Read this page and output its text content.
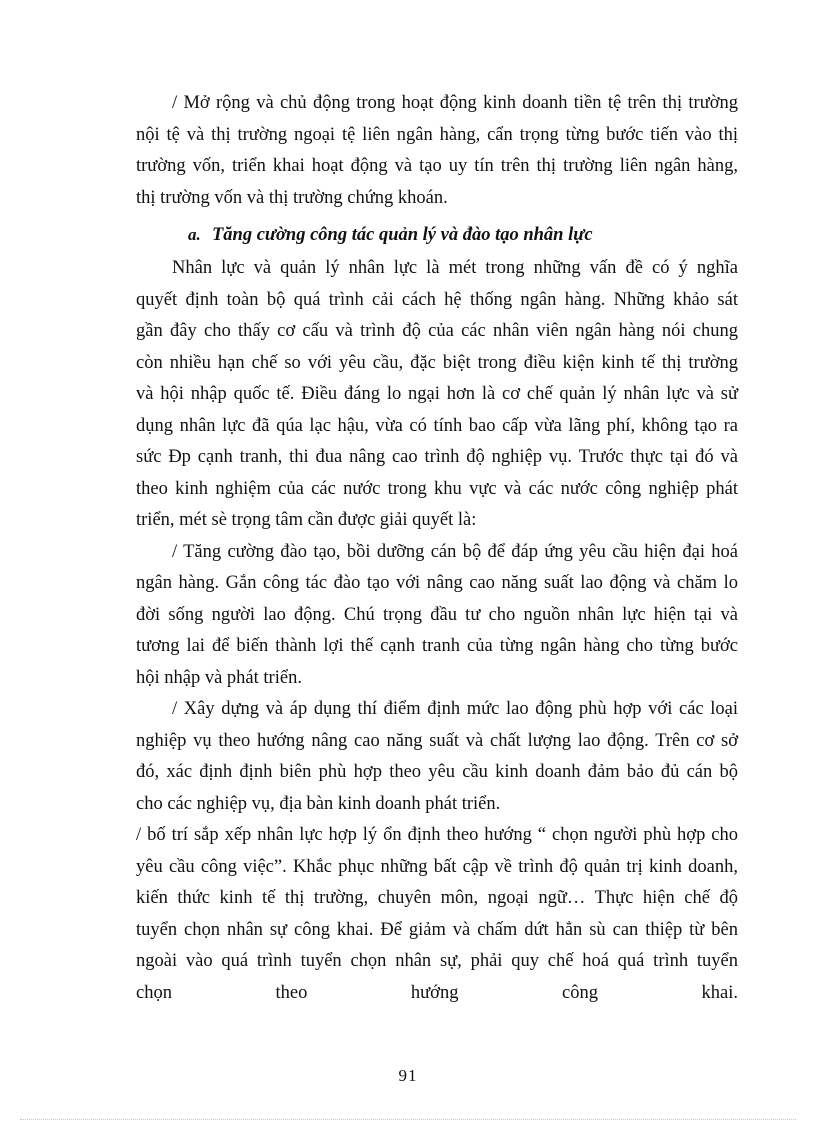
/ Mở rộng và chủ động trong hoạt động kinh doanh tiền tệ trên thị trường
nội tệ và thị trường ngoại tệ liên ngân hàng, cẩn trọng từng bước tiến vào thị
trường vốn, triển khai hoạt động và tạo uy tín trên thị trường liên ngân hàng,
thị trường vốn và thị trường chứng khoán.
a. Tăng cường công tác quản lý và đào tạo nhân lực
Nhân lực và quản lý nhân lực là mét trong những vấn đề có ý nghĩa
quyết định toàn bộ quá trình cải cách hệ thống ngân hàng. Những khảo sát
gần đây cho thấy cơ cấu và trình độ của các nhân viên ngân hàng nói chung
còn nhiều hạn chế so với yêu cầu, đặc biệt trong điều kiện kinh tế thị trường
và hội nhập quốc tế. Điều đáng lo ngại hơn là cơ chế quản lý nhân lực và sử
dụng nhân lực đã qúa lạc hậu, vừa có tính bao cấp vừa lãng phí, không tạo ra
sức Ðp cạnh tranh, thi đua nâng cao trình độ nghiệp vụ. Trước thực tại đó và
theo kinh nghiệm của các nước trong khu vực và các nước công nghiệp phát
triển, mét sè trọng tâm cần được giải quyết là:
/ Tăng cường đào tạo, bồi dưỡng cán bộ để đáp ứng yêu cầu hiện đại hoá
ngân hàng. Gắn công tác đào tạo với nâng cao năng suất lao động và chăm lo
đời sống người lao động. Chú trọng đầu tư cho nguồn nhân lực hiện tại và
tương lai để biến thành lợi thế cạnh tranh của từng ngân hàng cho từng bước
hội nhập và phát triển.
/ Xây dựng và áp dụng thí điểm định mức lao động phù hợp với các loại
nghiệp vụ theo hướng nâng cao năng suất và chất lượng lao động. Trên cơ sở
đó, xác định định biên phù hợp theo yêu cầu kinh doanh đảm bảo đủ cán bộ
cho các nghiệp vụ, địa bàn kinh doanh phát triển.
/ bố trí sắp xếp nhân lực hợp lý ổn định theo hướng “ chọn người phù hợp cho
yêu cầu công việc”. Khắc phục những bất cập về trình độ quản trị kinh doanh,
kiến thức kinh tế thị trường, chuyên môn, ngoại ngữ… Thực hiện chế độ
tuyển chọn nhân sự công khai. Để giảm và chấm dứt hẳn sù can thiệp từ bên
ngoài vào quá trình tuyển chọn nhân sự, phải quy chế hoá quá trình tuyển
chọn theo hướng công khai.
91
